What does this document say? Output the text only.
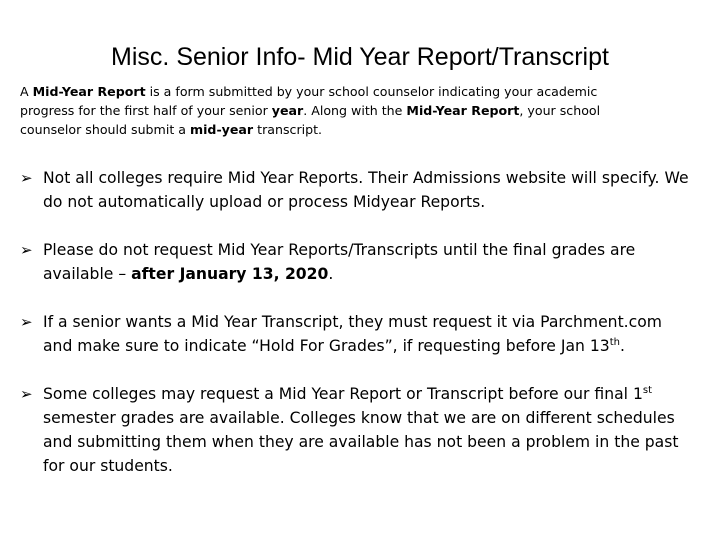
Misc. Senior Info- Mid Year Report/Transcript

A Mid-Year Report is a form submitted by your school counselor indicating your academic progress for the first half of your senior year. Along with the Mid-Year Report, your school counselor should submit a mid-year transcript.

➢ Not all colleges require Mid Year Reports. Their Admissions website will specify. We do not automatically upload or process Midyear Reports.
➢ Please do not request Mid Year Reports/Transcripts until the final grades are available – after January 13, 2020.
➢ If a senior wants a Mid Year Transcript, they must request it via Parchment.com and make sure to indicate “Hold For Grades”, if requesting before Jan 13th.
➢ Some colleges may request a Mid Year Report or Transcript before our final 1st semester grades are available. Colleges know that we are on different schedules and submitting them when they are available has not been a problem in the past for our students.
